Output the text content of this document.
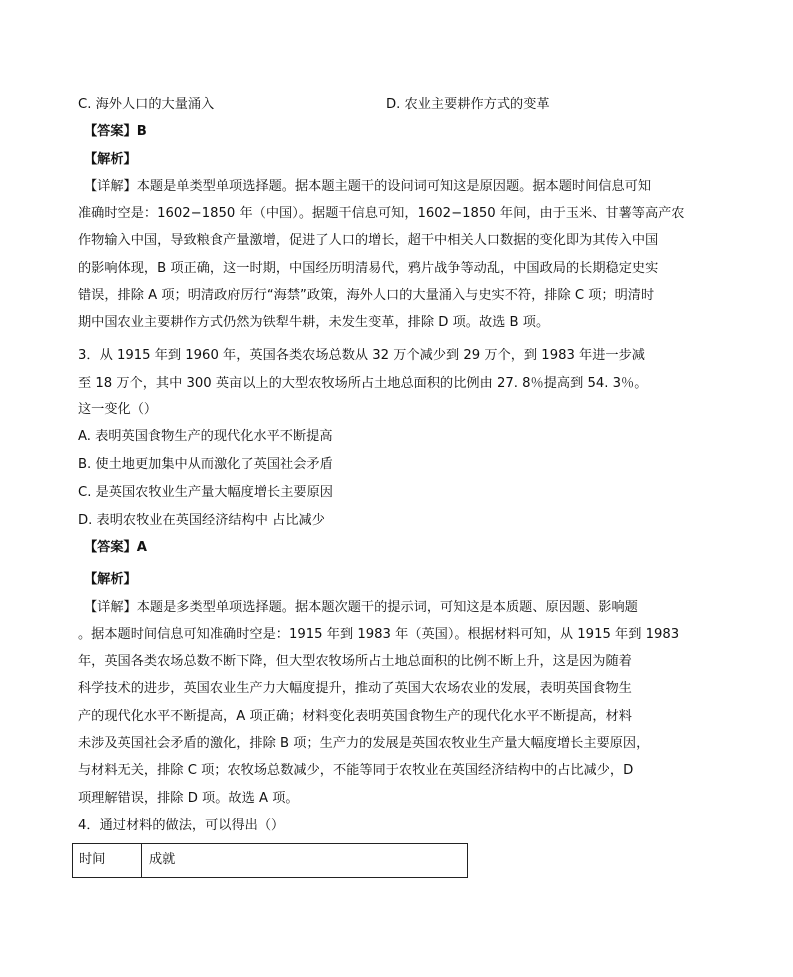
C. 海外人口的大量涌入	D. 农业主要耕作方式的变革
【答案】B
【解析】
【详解】本题是单类型单项选择题。据本题主题干的设问词可知这是原因题。据本题时间信息可知
准确时空是：1602−1850 年（中国）。据题干信息可知，1602−1850 年间，由于玉米、甘薯等高产农
作物输入中国，导致粮食产量激增，促进了人口的增长，超干中相关人口数据的变化即为其传入中国
的影响体现，B 项正确，这一时期，中国经历明清易代，鸦片战争等动乱，中国政局的长期稳定史实
错误，排除 A 项；明清政府厉行“海禁”政策，海外人口的大量涌入与史实不符，排除 C 项；明清时
期中国农业主要耕作方式仍然为铁犁牛耕，未发生变革，排除 D 项。故选 B 项。
3．从 1915 年到 1960 年，英国各类农场总数从 32 万个减少到 29 万个，到 1983 年进一步减
至 18 万个，其中 300 英亩以上的大型农牧场所占土地总面积的比例由 27. 8％提高到 54. 3％。
这一变化（）
A. 表明英国食物生产的现代化水平不断提高
B. 使土地更加集中从而激化了英国社会矛盾
C. 是英国农牧业生产量大幅度增长主要原因
D. 表明农牧业在英国经济结构中 占比减少
【答案】A
【解析】
【详解】本题是多类型单项选择题。据本题次题干的提示词，可知这是本质题、原因题、影响题
。据本题时间信息可知准确时空是：1915 年到 1983 年（英国）。根据材料可知，从 1915 年到 1983
年，英国各类农场总数不断下降，但大型农牧场所占土地总面积的比例不断上升，这是因为随着
科学技术的进步，英国农业生产力大幅度提升，推动了英国大农场农业的发展，表明英国食物生
产的现代化水平不断提高，A 项正确；材料变化表明英国食物生产的现代化水平不断提高，材料
未涉及英国社会矛盾的激化，排除 B 项；生产力的发展是英国农牧业生产量大幅度增长主要原因，
与材料无关，排除 C 项；农牧场总数减少，不能等同于农牧业在英国经济结构中的占比减少，D
项理解错误，排除 D 项。故选 A 项。
4．通过材料的做法，可以得出（）
时间	成就
